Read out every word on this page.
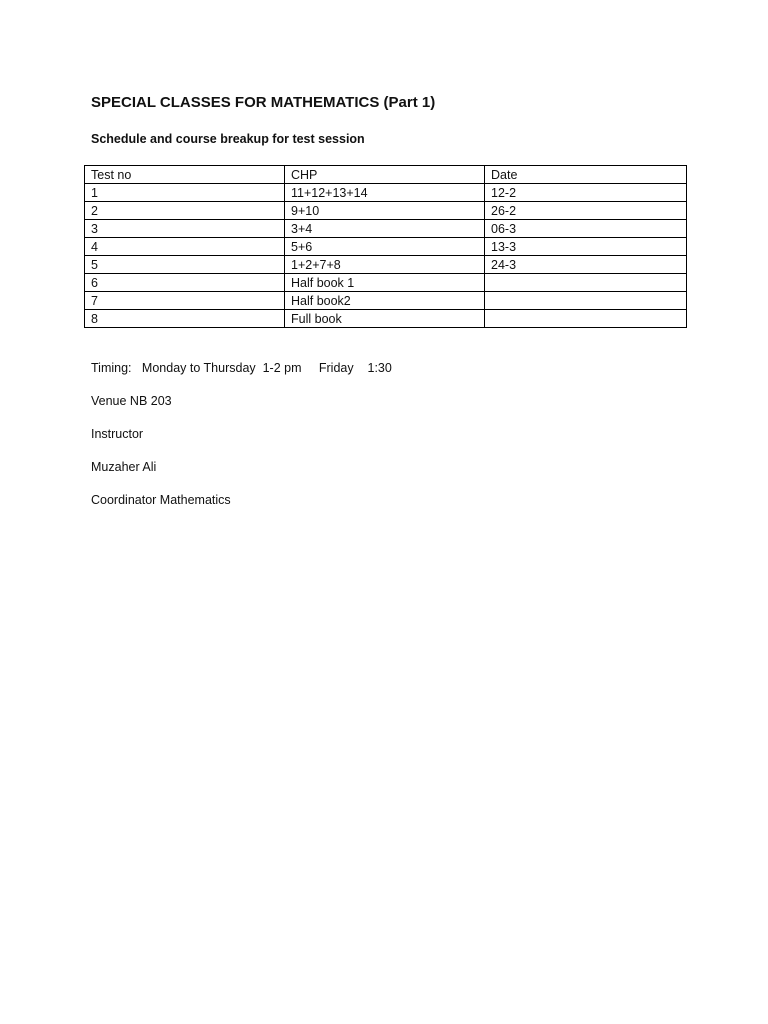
SPECIAL CLASSES FOR MATHEMATICS (Part 1)
Schedule and course breakup for test session
Test no	CHP	Date
1	11+12+13+14	12-2
2	9+10	26-2
3	3+4	06-3
4	5+6	13-3
5	1+2+7+8	24-3
6	Half book 1	
7	Half book2	
8	Full book	

Timing:   Monday to Thursday  1-2 pm     Friday    1:30

Venue NB 203

Instructor

Muzaher Ali

Coordinator Mathematics
